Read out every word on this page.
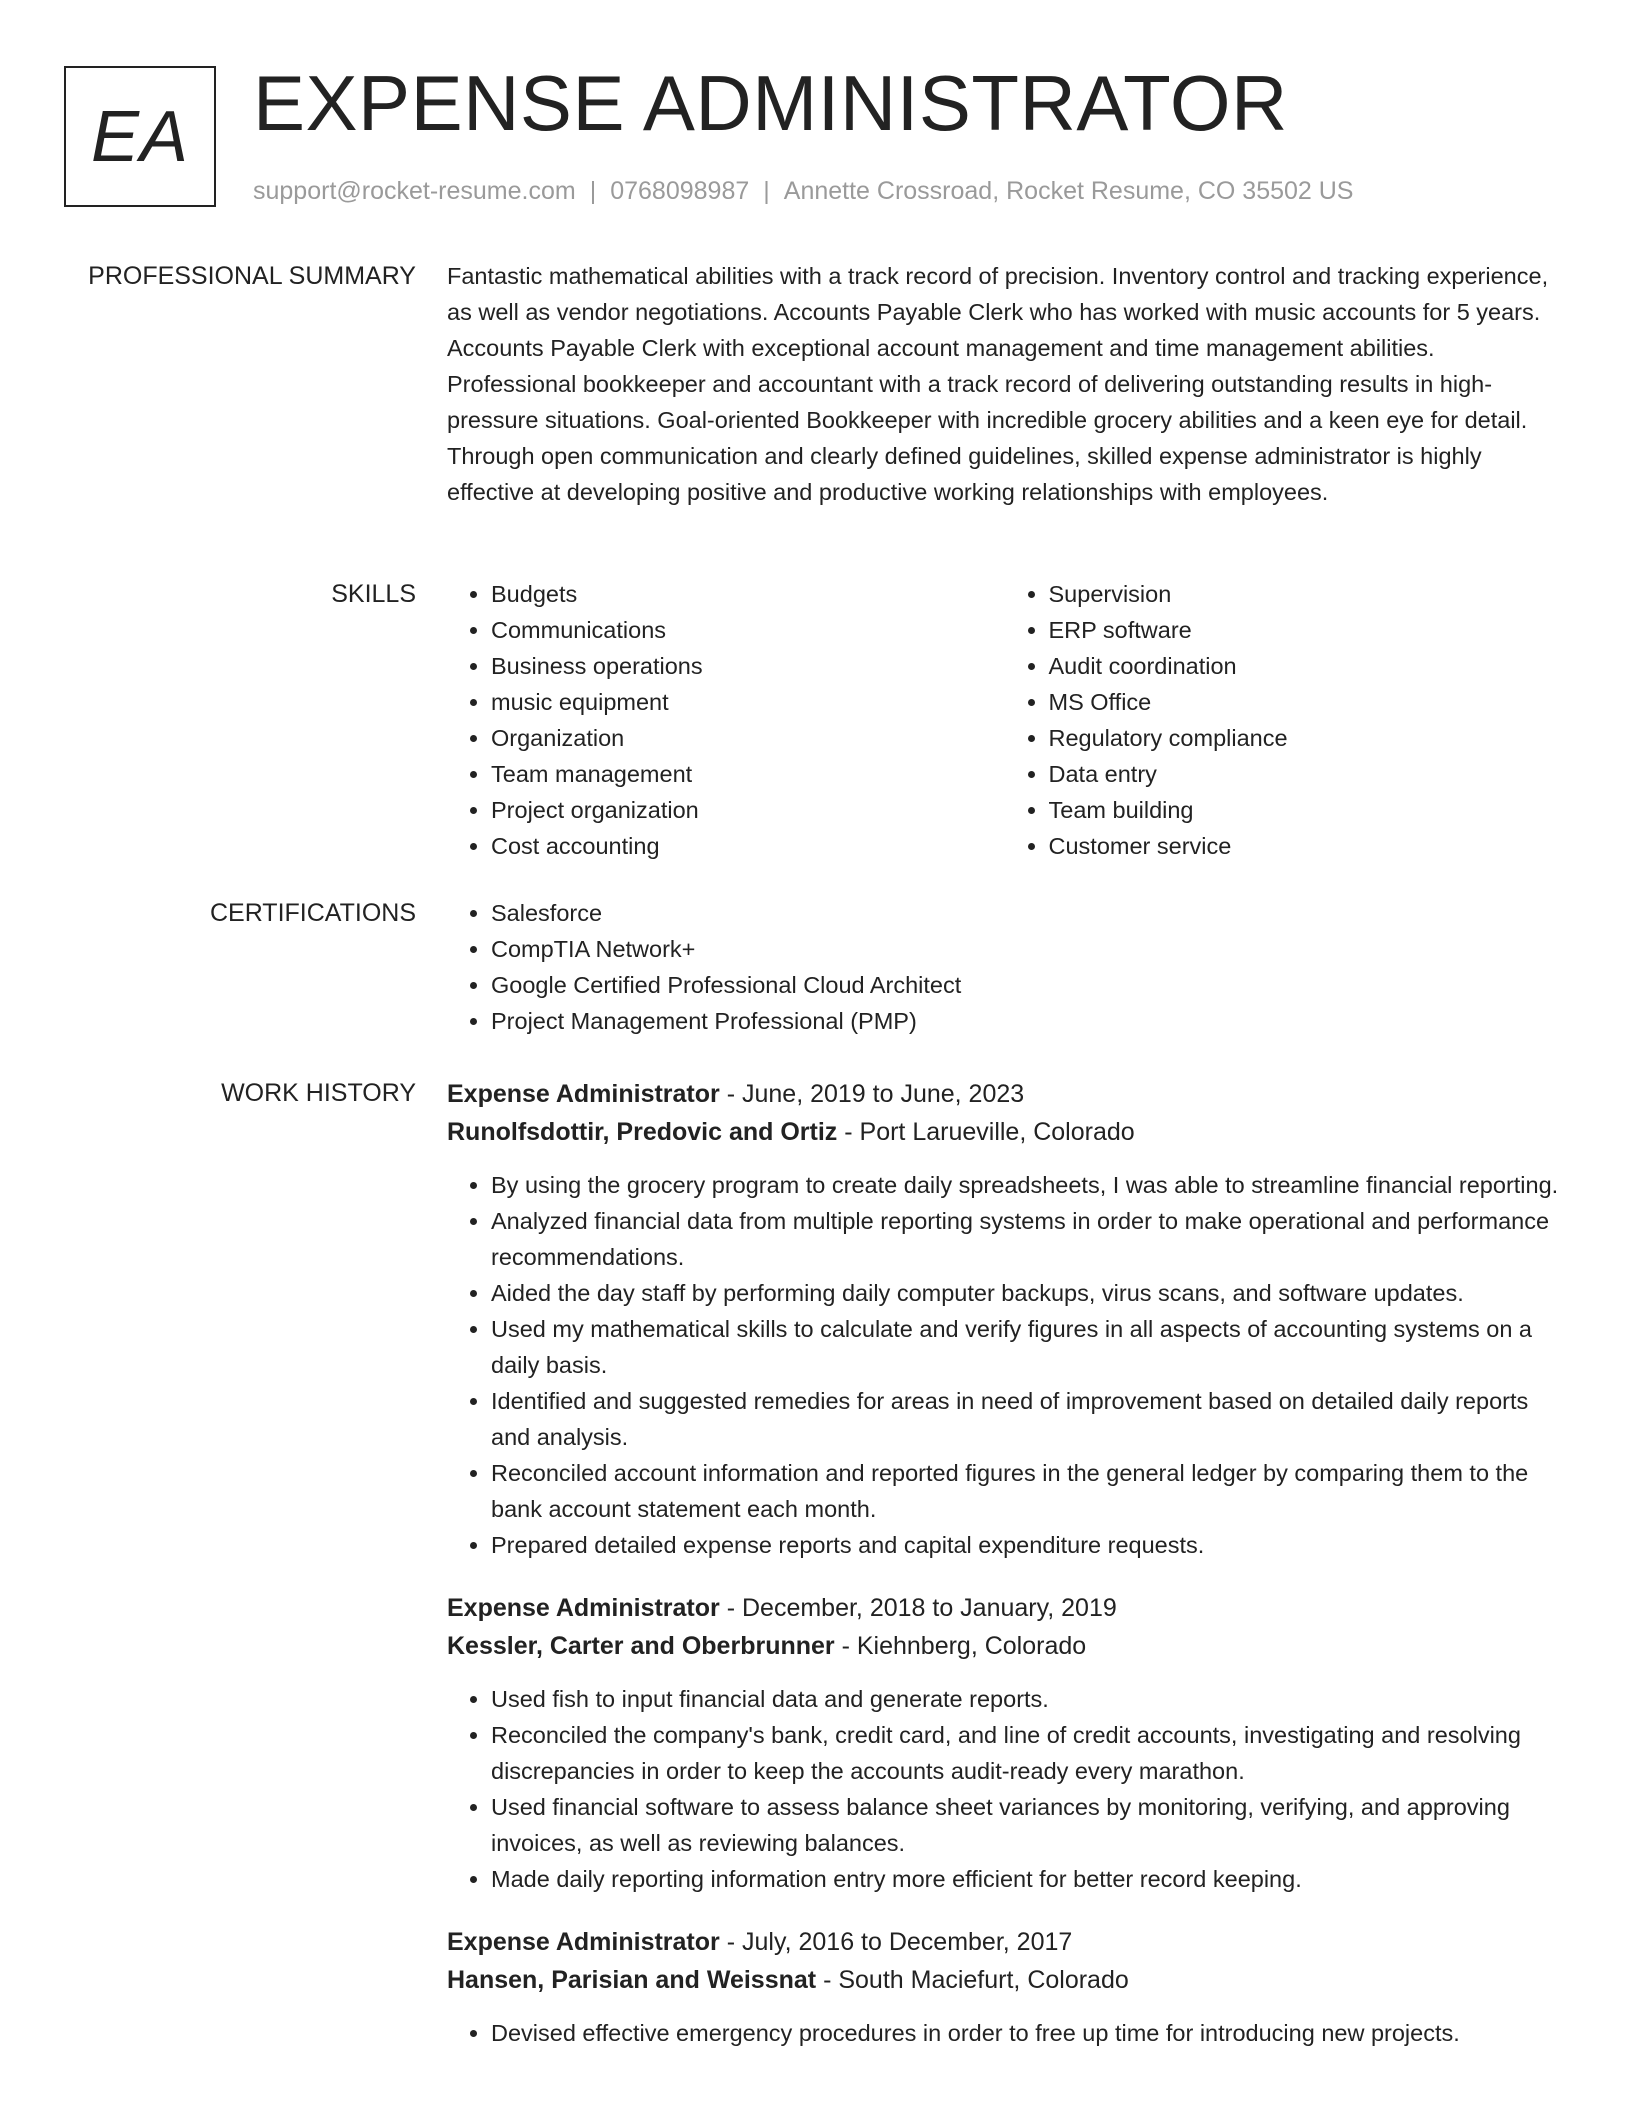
EA EXPENSE ADMINISTRATOR
support@rocket-resume.com | 0768098987 | Annette Crossroad, Rocket Resume, CO 35502 US
PROFESSIONAL SUMMARY Fantastic mathematical abilities with a track record of precision. Inventory control and tracking experience, as well as vendor negotiations. Accounts Payable Clerk who has worked with music accounts for 5 years. Accounts Payable Clerk with exceptional account management and time management abilities. Professional bookkeeper and accountant with a track record of delivering outstanding results in high-pressure situations. Goal-oriented Bookkeeper with incredible grocery abilities and a keen eye for detail. Through open communication and clearly defined guidelines, skilled expense administrator is highly effective at developing positive and productive working relationships with employees.

SKILLS	• Budgets
• Communications
• Business operations
• music equipment
• Organization
• Team management
• Project organization
• Cost accounting
• Supervision
• ERP software
• Audit coordination
• MS Office
• Regulatory compliance
• Data entry
• Team building
• Customer service
CERTIFICATIONS	• Salesforce
• CompTIA Network+
• Google Certified Professional Cloud Architect
• Project Management Professional (PMP)
WORK HISTORY Expense Administrator - June, 2019 to June, 2023
Runolfsdottir, Predovic and Ortiz - Port Larueville, Colorado
• By using the grocery program to create daily spreadsheets, I was able to streamline financial reporting.
• Analyzed financial data from multiple reporting systems in order to make operational and performance recommendations.
• Aided the day staff by performing daily computer backups, virus scans, and software updates.
• Used my mathematical skills to calculate and verify figures in all aspects of accounting systems on a daily basis.
• Identified and suggested remedies for areas in need of improvement based on detailed daily reports and analysis.
• Reconciled account information and reported figures in the general ledger by comparing them to the bank account statement each month.
• Prepared detailed expense reports and capital expenditure requests.
Expense Administrator - December, 2018 to January, 2019
Kessler, Carter and Oberbrunner - Kiehnberg, Colorado
• Used fish to input financial data and generate reports.
• Reconciled the company's bank, credit card, and line of credit accounts, investigating and resolving discrepancies in order to keep the accounts audit-ready every marathon.
• Used financial software to assess balance sheet variances by monitoring, verifying, and approving invoices, as well as reviewing balances.
• Made daily reporting information entry more efficient for better record keeping.
Expense Administrator - July, 2016 to December, 2017
Hansen, Parisian and Weissnat - South Maciefurt, Colorado
• Devised effective emergency procedures in order to free up time for introducing new projects.
